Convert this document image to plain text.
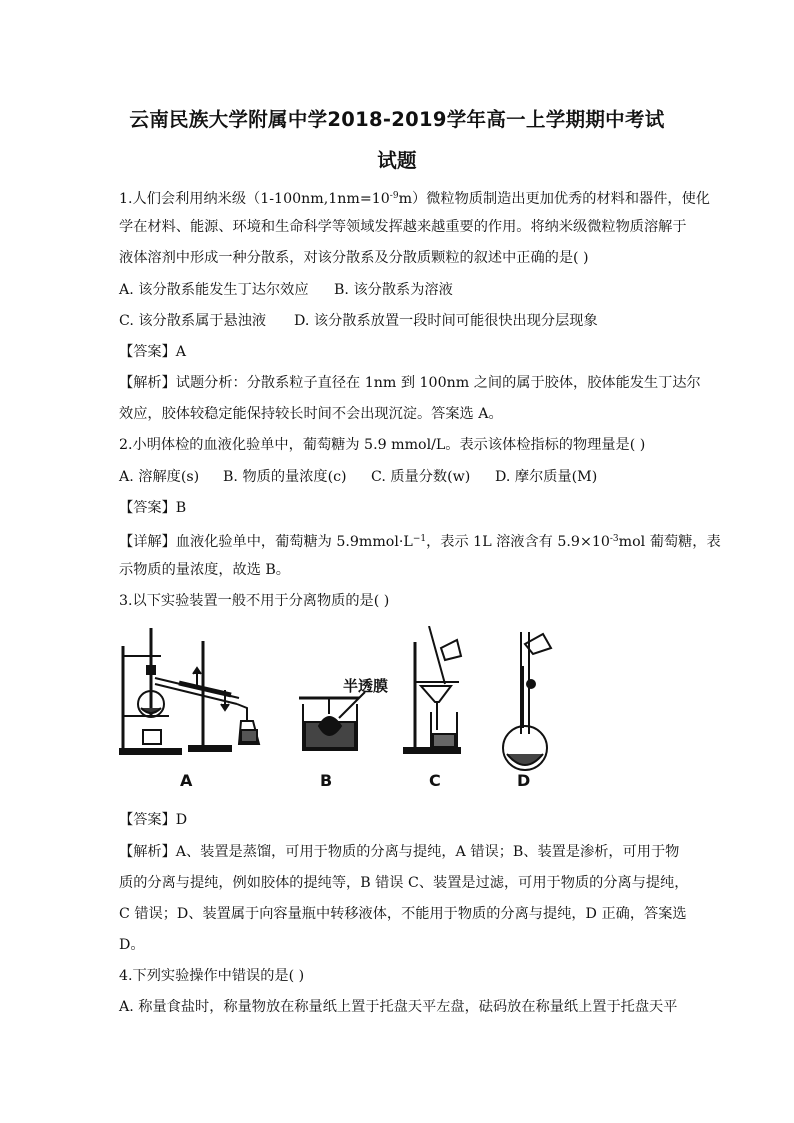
云南民族大学附属中学2018-2019学年高一上学期期中考试
试题
1.人们会利用纳米级$(1-100nm,1nm=10^{-9}m)$微粒物质制造出更加优秀的材料和器件，使化
学在材料、能源、环境和生命科学等领域发挥越来越重要的作用。将纳米级微粒物质溶解于
液体溶剂中形成一种分散系，对该分散系及分散质颗粒的叙述中正确的是( )
A. 该分散系能发生丁达尔效应 B. 该分散系为溶液
C. 该分散系属于悬浊液 D. 该分散系放置一段时间可能很快出现分层现象
【答案】A
【解析】试题分析：分散系粒子直径在 1nm 到 100nm 之间的属于胶体，胶体能发生丁达尔
效应，胶体较稳定能保持较长时间不会出现沉淀。答案选 A。
2.小明体检的血液化验单中，葡萄糖为 5.9 mmol/L。表示该体检指标的物理量是( )
A. 溶解度(s) B. 物质的量浓度(c) C. 质量分数(w) D. 摩尔质量(M)
【答案】B
【详解】血液化验单中，葡萄糖为 $5.9mmol\cdot L^{-1}$，表示 1L 溶液含有 $5.9\times 10^{-3}mol$ 葡萄糖，表
示物质的量浓度，故选 B。
3.以下实验装置一般不用于分离物质的是( )
半透膜
A	B	C	D
【答案】D
【解析】A、装置是蒸馏，可用于物质的分离与提纯，A 错误；B、装置是渗析，可用于物
质的分离与提纯，例如胶体的提纯等，B 错误 C、装置是过滤，可用于物质的分离与提纯，
C 错误；D、装置属于向容量瓶中转移液体，不能用于物质的分离与提纯，D 正确，答案选
D。
4.下列实验操作中错误的是( )
A. 称量食盐时，称量物放在称量纸上置于托盘天平左盘，砝码放在称量纸上置于托盘天平
